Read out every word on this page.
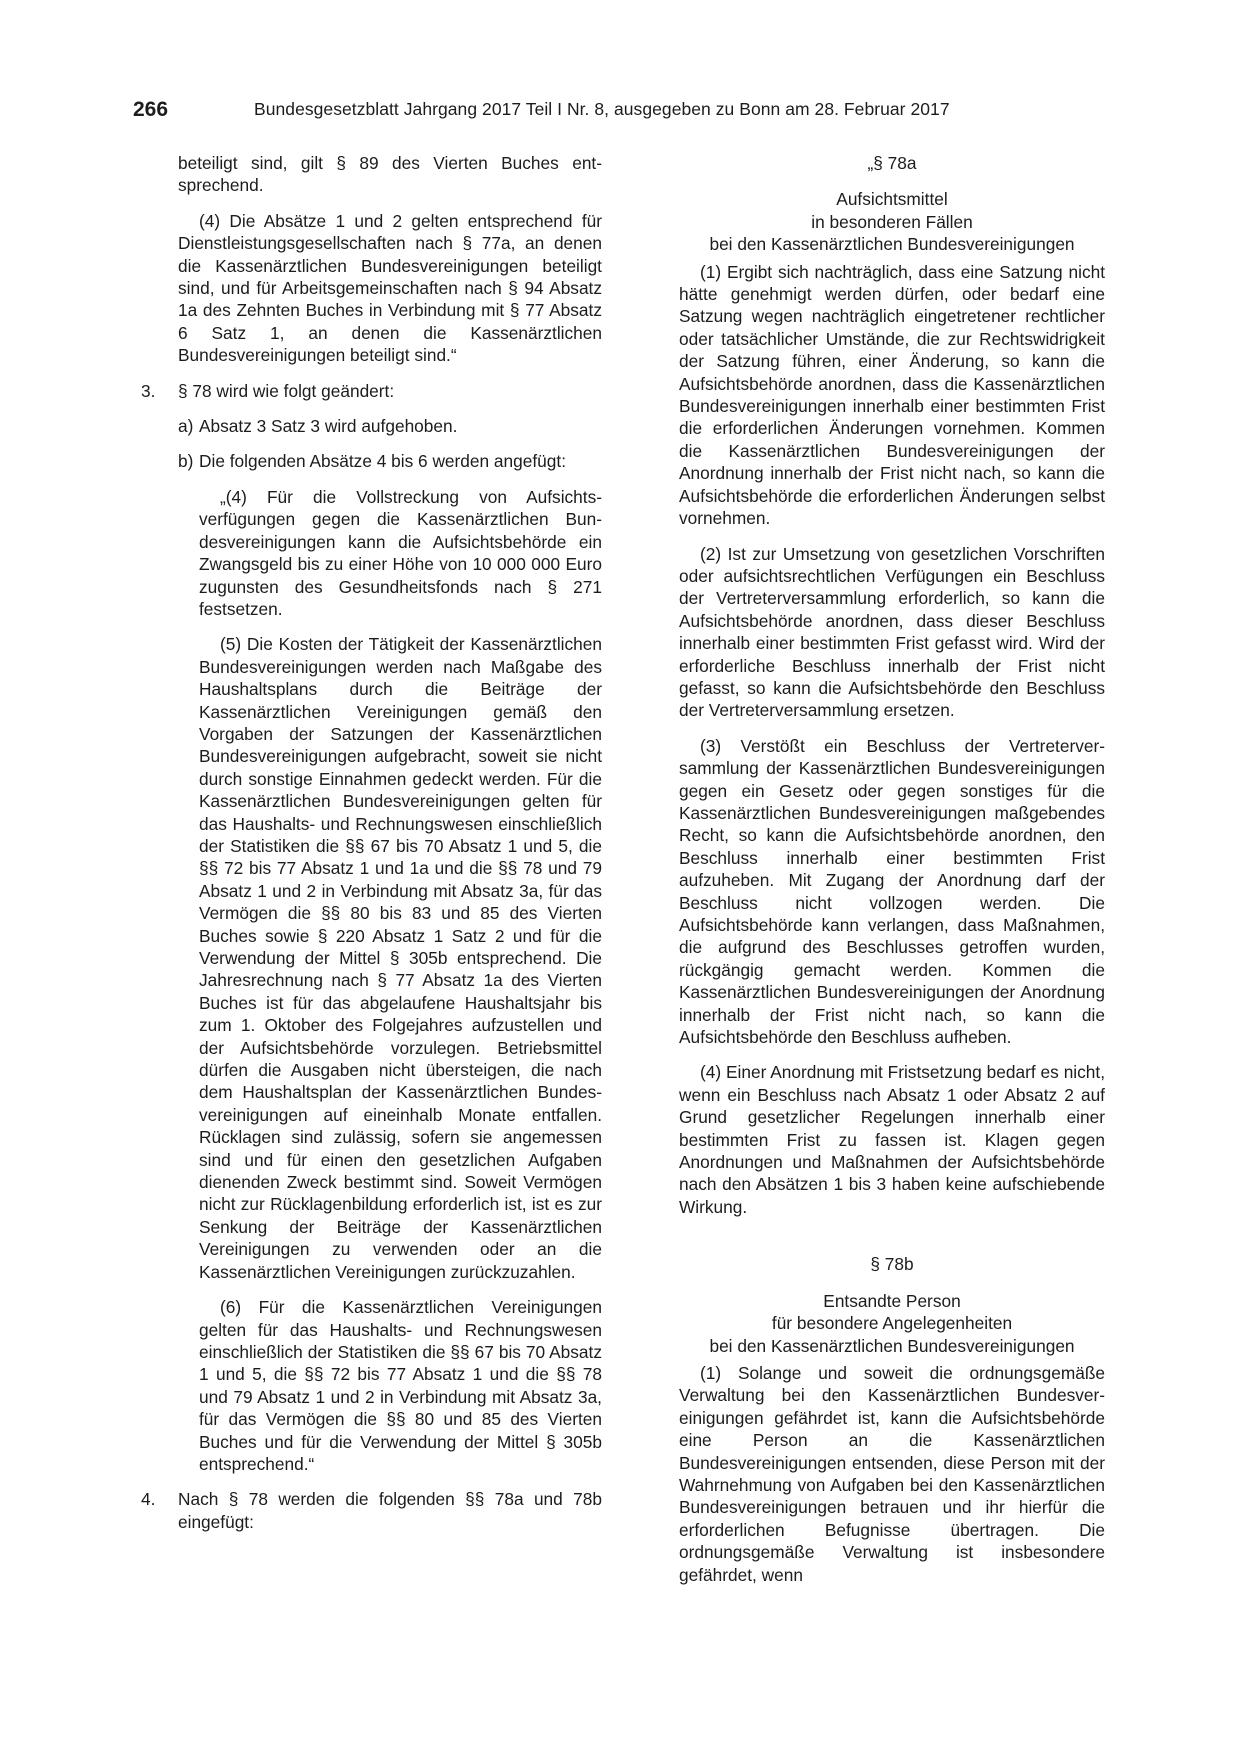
266	Bundesgesetzblatt Jahrgang 2017 Teil I Nr. 8, ausgegeben zu Bonn am 28. Februar 2017

beteiligt sind, gilt § 89 des Vierten Buches entsprechend.

(4) Die Absätze 1 und 2 gelten entsprechend für Dienstleistungsgesellschaften nach § 77a, an denen die Kassenärztlichen Bundesvereinigungen beteiligt sind, und für Arbeitsgemeinschaften nach § 94 Absatz 1a des Zehnten Buches in Verbindung mit § 77 Absatz 6 Satz 1, an denen die Kassenärztlichen Bundesvereinigungen beteiligt sind.“

3. § 78 wird wie folgt geändert:
a) Absatz 3 Satz 3 wird aufgehoben.
b) Die folgenden Absätze 4 bis 6 werden angefügt:

„(4) Für die Vollstreckung von Aufsichtsverfügungen gegen die Kassenärztlichen Bundesvereinigungen kann die Aufsichtsbehörde ein Zwangsgeld bis zu einer Höhe von 10 000 000 Euro zugunsten des Gesundheitsfonds nach § 271 festsetzen.

(5) Die Kosten der Tätigkeit der Kassenärztlichen Bundesvereinigungen werden nach Maßgabe des Haushaltsplans durch die Beiträge der Kassenärztlichen Vereinigungen gemäß den Vorgaben der Satzungen der Kassenärztlichen Bundesvereinigungen aufgebracht, soweit sie nicht durch sonstige Einnahmen gedeckt werden. Für die Kassenärztlichen Bundesvereinigungen gelten für das Haushalts- und Rechnungswesen einschließlich der Statistiken die §§ 67 bis 70 Absatz 1 und 5, die §§ 72 bis 77 Absatz 1 und 1a und die §§ 78 und 79 Absatz 1 und 2 in Verbindung mit Absatz 3a, für das Vermögen die §§ 80 bis 83 und 85 des Vierten Buches sowie § 220 Absatz 1 Satz 2 und für die Verwendung der Mittel § 305b entsprechend. Die Jahresrechnung nach § 77 Absatz 1a des Vierten Buches ist für das abgelaufene Haushaltsjahr bis zum 1. Oktober des Folgejahres aufzustellen und der Aufsichtsbehörde vorzulegen. Betriebsmittel dürfen die Ausgaben nicht übersteigen, die nach dem Haushaltsplan der Kassenärztlichen Bundesvereinigungen auf eineinhalb Monate entfallen. Rücklagen sind zulässig, sofern sie angemessen sind und für einen den gesetzlichen Aufgaben dienenden Zweck bestimmt sind. Soweit Vermögen nicht zur Rücklagenbildung erforderlich ist, ist es zur Senkung der Beiträge der Kassenärztlichen Vereinigungen zu verwenden oder an die Kassenärztlichen Vereinigungen zurückzuzahlen.

(6) Für die Kassenärztlichen Vereinigungen gelten für das Haushalts- und Rechnungswesen einschließlich der Statistiken die §§ 67 bis 70 Absatz 1 und 5, die §§ 72 bis 77 Absatz 1 und die §§ 78 und 79 Absatz 1 und 2 in Verbindung mit Absatz 3a, für das Vermögen die §§ 80 und 85 des Vierten Buches und für die Verwendung der Mittel § 305b entsprechend.“

4. Nach § 78 werden die folgenden §§ 78a und 78b eingefügt:

„§ 78a

Aufsichtsmittel

in besonderen Fällen

bei den Kassenärztlichen Bundesvereinigungen

(1) Ergibt sich nachträglich, dass eine Satzung nicht hätte genehmigt werden dürfen, oder bedarf eine Satzung wegen nachträglich eingetretener rechtlicher oder tatsächlicher Umstände, die zur Rechtswidrigkeit der Satzung führen, einer Änderung, so kann die Aufsichtsbehörde anordnen, dass die Kassenärztlichen Bundesvereinigungen innerhalb einer bestimmten Frist die erforderlichen Änderungen vornehmen. Kommen die Kassenärztlichen Bundesvereinigungen der Anordnung innerhalb der Frist nicht nach, so kann die Aufsichtsbehörde die erforderlichen Änderungen selbst vornehmen.

(2) Ist zur Umsetzung von gesetzlichen Vorschriften oder aufsichtsrechtlichen Verfügungen ein Beschluss der Vertreterversammlung erforderlich, so kann die Aufsichtsbehörde anordnen, dass dieser Beschluss innerhalb einer bestimmten Frist gefasst wird. Wird der erforderliche Beschluss innerhalb der Frist nicht gefasst, so kann die Aufsichtsbehörde den Beschluss der Vertreterversammlung ersetzen.

(3) Verstößt ein Beschluss der Vertreterversammlung der Kassenärztlichen Bundesvereinigungen gegen ein Gesetz oder gegen sonstiges für die Kassenärztlichen Bundesvereinigungen maßgebendes Recht, so kann die Aufsichtsbehörde anordnen, den Beschluss innerhalb einer bestimmten Frist aufzuheben. Mit Zugang der Anordnung darf der Beschluss nicht vollzogen werden. Die Aufsichtsbehörde kann verlangen, dass Maßnahmen, die aufgrund des Beschlusses getroffen wurden, rückgängig gemacht werden. Kommen die Kassenärztlichen Bundesvereinigungen der Anordnung innerhalb der Frist nicht nach, so kann die Aufsichtsbehörde den Beschluss aufheben.

(4) Einer Anordnung mit Fristsetzung bedarf es nicht, wenn ein Beschluss nach Absatz 1 oder Absatz 2 auf Grund gesetzlicher Regelungen innerhalb einer bestimmten Frist zu fassen ist. Klagen gegen Anordnungen und Maßnahmen der Aufsichtsbehörde nach den Absätzen 1 bis 3 haben keine aufschiebende Wirkung.

§ 78b

Entsandte Person

für besondere Angelegenheiten

bei den Kassenärztlichen Bundesvereinigungen

(1) Solange und soweit die ordnungsgemäße Verwaltung bei den Kassenärztlichen Bundesvereinigungen gefährdet ist, kann die Aufsichtsbehörde eine Person an die Kassenärztlichen Bundesvereinigungen entsenden, diese Person mit der Wahrnehmung von Aufgaben bei den Kassenärztlichen Bundesvereinigungen betrauen und ihr hierfür die erforderlichen Befugnisse übertragen. Die ordnungsgemäße Verwaltung ist insbesondere gefährdet, wenn
